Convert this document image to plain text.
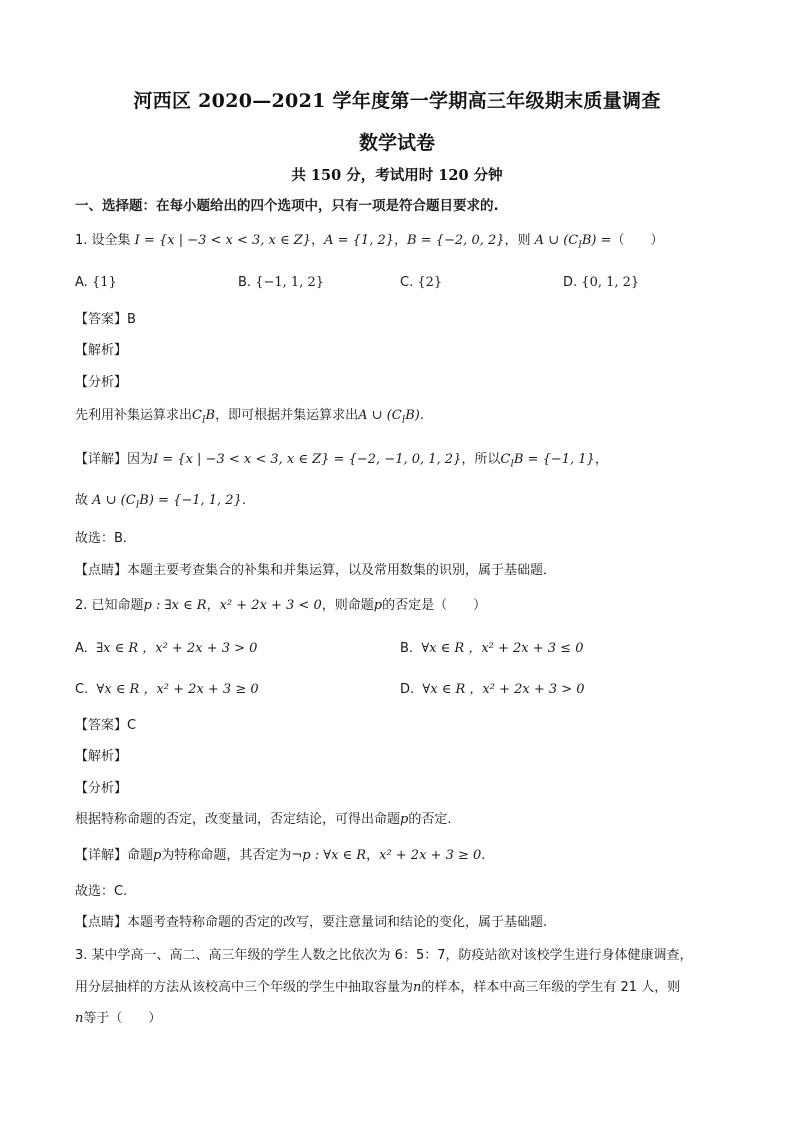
河西区 2020—2021 学年度第一学期高三年级期末质量调查
数学试卷
共 150 分，考试用时 120 分钟
一、选择题：在每小题给出的四个选项中，只有一项是符合题目要求的.
1. 设全集 I = {x | −3 < x < 3, x ∈ Z}，A = {1, 2}，B = {−2, 0, 2}，则 A ∪ $(C_IB)$ =（　　）
A. {1}	B. {−1, 1, 2}	C. {2}	D. {0, 1, 2}
【答案】B
【解析】
【分析】
先利用补集运算求出$C_IB$，即可根据并集运算求出A ∪ $(C_IB)$.
【详解】因为I = {x | −3 < x < 3, x ∈ Z} = {−2, −1, 0, 1, 2}，所以$C_IB = \{-1$, 1}，
故 A ∪ $(C_IB) = \{-1$, 1, 2}.
故选：B．
【点睛】本题主要考查集合的补集和并集运算，以及常用数集的识别，属于基础题．
2. 已知命题p : ∃x ∈ R，x² + 2x + 3 < 0，则命题p的否定是（　　）
A. ∃x ∈ R ，x² + 2x + 3 > 0	B. ∀x ∈ R ，x² + 2x + 3 ≤ 0
C. ∀x ∈ R ，x² + 2x + 3 ≥ 0	D. ∀x ∈ R ，x² + 2x + 3 > 0
【答案】C
【解析】
【分析】
根据特称命题的否定，改变量词，否定结论，可得出命题p的否定.
【详解】命题p为特称命题，其否定为¬p : ∀x ∈ R，x² + 2x + 3 ≥ 0.
故选：C.
【点睛】本题考查特称命题的否定的改写，要注意量词和结论的变化，属于基础题.
3. 某中学高一、高二、高三年级的学生人数之比依次为 6：5：7，防疫站欲对该校学生进行身体健康调查，
用分层抽样的方法从该校高中三个年级的学生中抽取容量为n的样本，样本中高三年级的学生有 21 人，则
n等于（　　）
